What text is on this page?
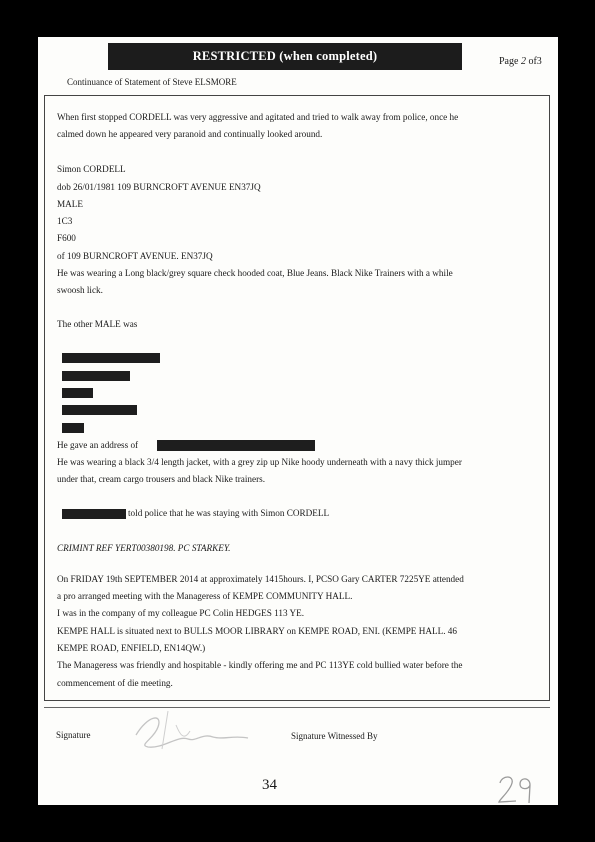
RESTRICTED (when completed)	Page 2 of3
Continuance of Statement of Steve ELSMORE
When first stopped CORDELL was very aggressive and agitated and tried to walk away from police, once he
calmed down he appeared very paranoid and continually looked around.
Simon CORDELL
dob 26/01/1981 109 BURNCROFT AVENUE EN37JQ
MALE
1C3
F600
of 109 BURNCROFT AVENUE. EN37JQ
He was wearing a Long black/grey square check hooded coat, Blue Jeans. Black Nike Trainers with a while
swoosh lick.
The other MALE was
He gave an address of
He was wearing a black 3/4 length jacket, with a grey zip up Nike hoody underneath with a navy thick jumper
under that, cream cargo trousers and black Nike trainers.
told police that he was staying with Simon CORDELL
CRIMINT REF YERT00380198. PC STARKEY.
On FRIDAY 19th SEPTEMBER 2014 at approximately 1415hours. I, PCSO Gary CARTER 7225YE attended
a pro arranged meeting with the Manageress of KEMPE COMMUNITY HALL.
I was in the company of my colleague PC Colin HEDGES 113 YE.
KEMPE HALL is situated next to BULLS MOOR LIBRARY on KEMPE ROAD, ENI. (KEMPE HALL. 46
KEMPE ROAD, ENFIELD, EN14QW.)
The Manageress was friendly and hospitable - kindly offering me and PC 113YE cold bullied water before the
commencement of die meeting.
Signature	Signature Witnessed By
34
